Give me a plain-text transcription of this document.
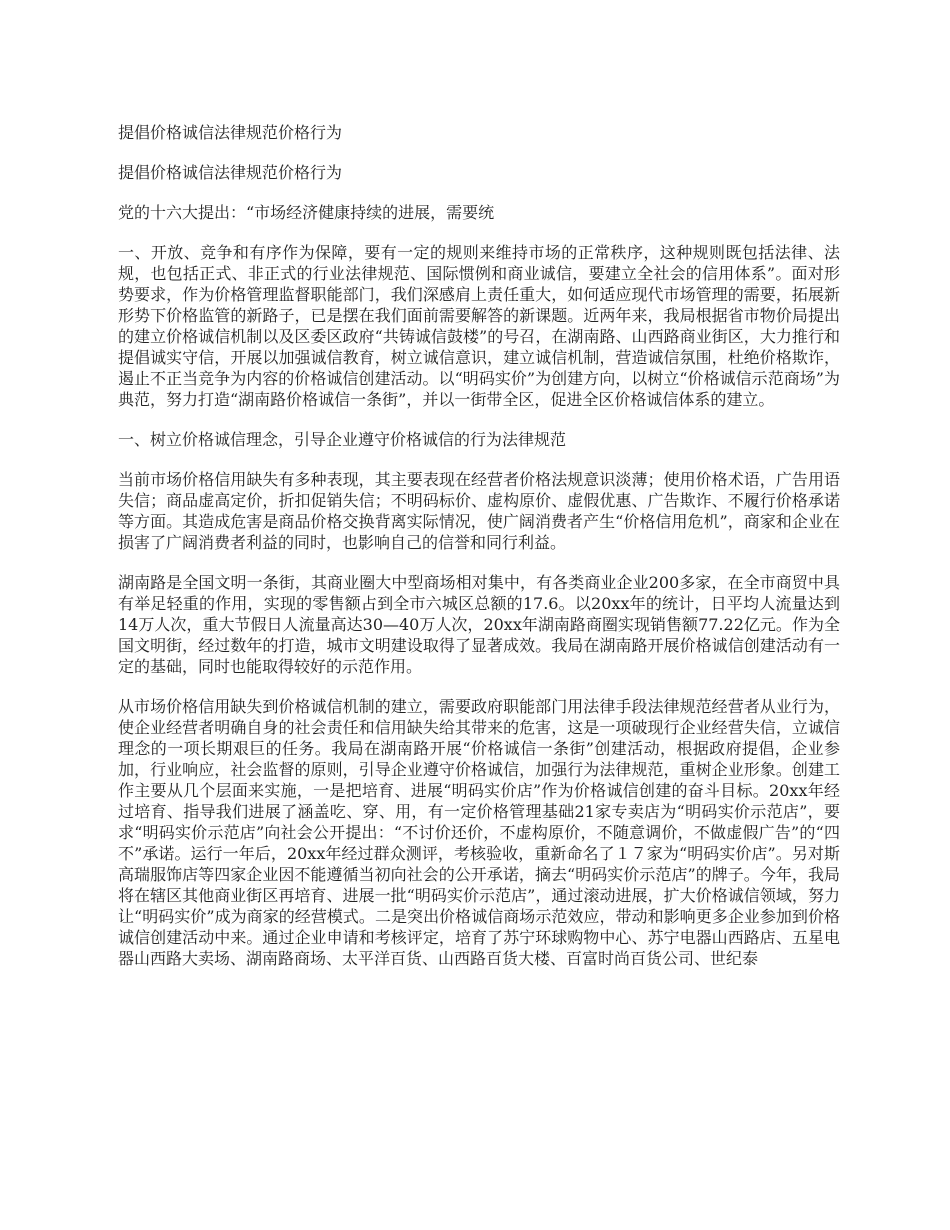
提倡价格诚信法律规范价格行为

提倡价格诚信法律规范价格行为

党的十六大提出：“市场经济健康持续的进展，需要统

一、开放、竞争和有序作为保障，要有一定的规则来维持市场的正常秩序，这种规则既包括法律、法规，也包括正式、非正式的行业法律规范、国际惯例和商业诚信，要建立全社会的信用体系”。面对形势要求，作为价格管理监督职能部门，我们深感肩上责任重大，如何适应现代市场管理的需要，拓展新形势下价格监管的新路子，已是摆在我们面前需要解答的新课题。近两年来，我局根据省市物价局提出的建立价格诚信机制以及区委区政府“共铸诚信鼓楼”的号召，在湖南路、山西路商业街区，大力推行和提倡诚实守信，开展以加强诚信教育，树立诚信意识，建立诚信机制，营造诚信氛围，杜绝价格欺诈，遏止不正当竞争为内容的价格诚信创建活动。以“明码实价”为创建方向，以树立“价格诚信示范商场”为典范，努力打造“湖南路价格诚信一条街”，并以一街带全区，促进全区价格诚信体系的建立。

一、树立价格诚信理念，引导企业遵守价格诚信的行为法律规范

当前市场价格信用缺失有多种表现，其主要表现在经营者价格法规意识淡薄；使用价格术语，广告用语失信；商品虚高定价，折扣促销失信；不明码标价、虚构原价、虚假优惠、广告欺诈、不履行价格承诺等方面。其造成危害是商品价格交换背离实际情况，使广阔消费者产生“价格信用危机”，商家和企业在损害了广阔消费者利益的同时，也影响自己的信誉和同行利益。

湖南路是全国文明一条街，其商业圈大中型商场相对集中，有各类商业企业200多家，在全市商贸中具有举足轻重的作用，实现的零售额占到全市六城区总额的17.6。以20xx年的统计，日平均人流量达到14万人次，重大节假日人流量高达30—40万人次，20xx年湖南路商圈实现销售额77.22亿元。作为全国文明街，经过数年的打造，城市文明建设取得了显著成效。我局在湖南路开展价格诚信创建活动有一定的基础，同时也能取得较好的示范作用。

从市场价格信用缺失到价格诚信机制的建立，需要政府职能部门用法律手段法律规范经营者从业行为，使企业经营者明确自身的社会责任和信用缺失给其带来的危害，这是一项破现行企业经营失信，立诚信理念的一项长期艰巨的任务。我局在湖南路开展“价格诚信一条街”创建活动，根据政府提倡，企业参加，行业响应，社会监督的原则，引导企业遵守价格诚信，加强行为法律规范，重树企业形象。创建工作主要从几个层面来实施，一是把培育、进展“明码实价店”作为价格诚信创建的奋斗目标。20xx年经过培育、指导我们进展了涵盖吃、穿、用，有一定价格管理基础21家专卖店为“明码实价示范店”，要求“明码实价示范店”向社会公开提出：“不讨价还价，不虚构原价，不随意调价，不做虚假广告”的“四不”承诺。运行一年后，20xx年经过群众测评，考核验收，重新命名了１７家为“明码实价店”。另对斯高瑞服饰店等四家企业因不能遵循当初向社会的公开承诺，摘去“明码实价示范店”的牌子。今年，我局将在辖区其他商业街区再培育、进展一批“明码实价示范店”，通过滚动进展，扩大价格诚信领域，努力让“明码实价”成为商家的经营模式。二是突出价格诚信商场示范效应，带动和影响更多企业参加到价格诚信创建活动中来。通过企业申请和考核评定，培育了苏宁环球购物中心、苏宁电器山西路店、五星电器山西路大卖场、湖南路商场、太平洋百货、山西路百货大楼、百富时尚百货公司、世纪泰
